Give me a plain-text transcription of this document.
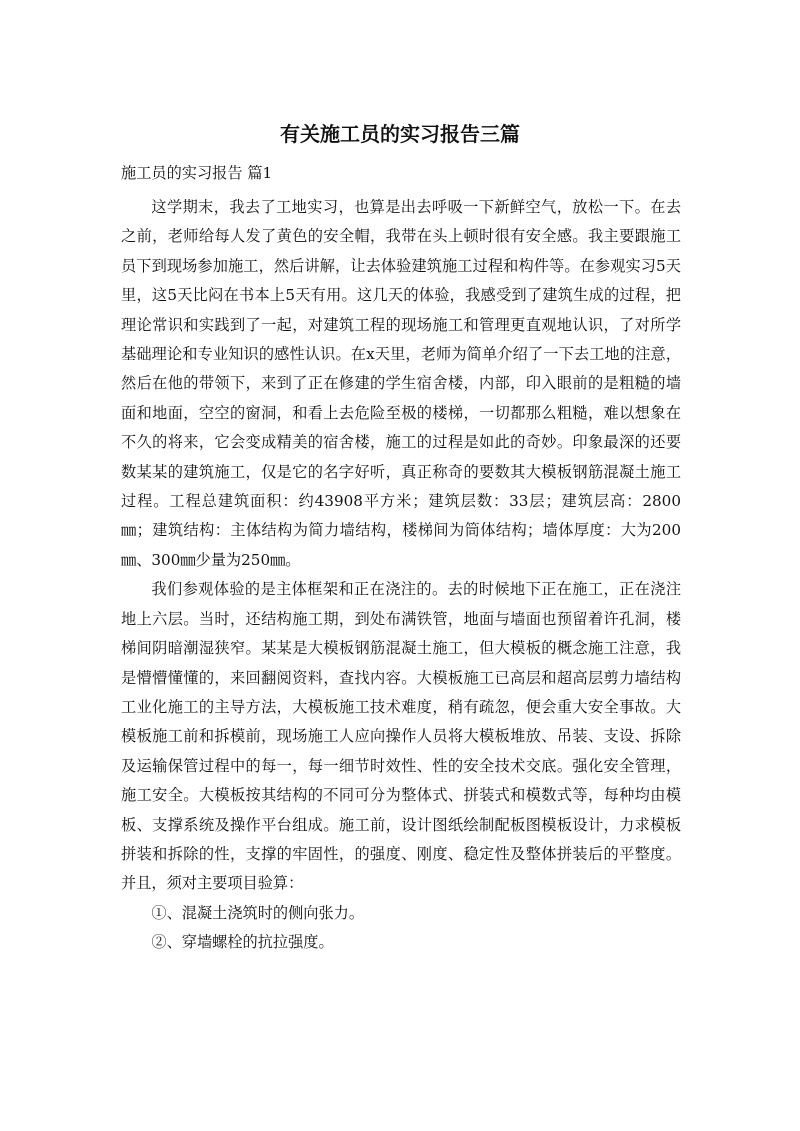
有关施工员的实习报告三篇
施工员的实习报告 篇1

这学期末，我去了工地实习，也算是出去呼吸一下新鲜空气，放松一下。在去之前，老师给每人发了黄色的安全帽，我带在头上顿时很有安全感。我主要跟施工员下到现场参加施工，然后讲解，让去体验建筑施工过程和构件等。在参观实习5天里，这5天比闷在书本上5天有用。这几天的体验，我感受到了建筑生成的过程，把理论常识和实践到了一起，对建筑工程的现场施工和管理更直观地认识，了对所学基础理论和专业知识的感性认识。在x天里，老师为简单介绍了一下去工地的注意，然后在他的带领下，来到了正在修建的学生宿舍楼，内部，印入眼前的是粗糙的墙面和地面，空空的窗洞，和看上去危险至极的楼梯，一切都那么粗糙，难以想象在不久的将来，它会变成精美的宿舍楼，施工的过程是如此的奇妙。印象最深的还要数某某的建筑施工，仅是它的名字好听，真正称奇的要数其大模板钢筋混凝土施工过程。工程总建筑面积：约43908平方米；建筑层数：33层；建筑层高：2800㎜；建筑结构：主体结构为简力墙结构，楼梯间为筒体结构；墙体厚度：大为200㎜、300㎜少量为250㎜。

我们参观体验的是主体框架和正在浇注的。去的时候地下正在施工，正在浇注地上六层。当时，还结构施工期，到处布满铁管，地面与墙面也预留着许孔洞，楼梯间阴暗潮湿狭窄。某某是大模板钢筋混凝土施工，但大模板的概念施工注意，我是懵懵懂懂的，来回翻阅资料，查找内容。大模板施工已高层和超高层剪力墙结构工业化施工的主导方法，大模板施工技术难度，稍有疏忽，便会重大安全事故。大模板施工前和拆模前，现场施工人应向操作人员将大模板堆放、吊装、支设、拆除及运输保管过程中的每一，每一细节时效性、性的安全技术交底。强化安全管理，施工安全。大模板按其结构的不同可分为整体式、拼装式和模数式等，每种均由模板、支撑系统及操作平台组成。施工前，设计图纸绘制配板图模板设计，力求模板拼装和拆除的性，支撑的牢固性，的强度、刚度、稳定性及整体拼装后的平整度。并且，须对主要项目验算：

①、混凝土浇筑时的侧向张力。

②、穿墙螺栓的抗拉强度。
